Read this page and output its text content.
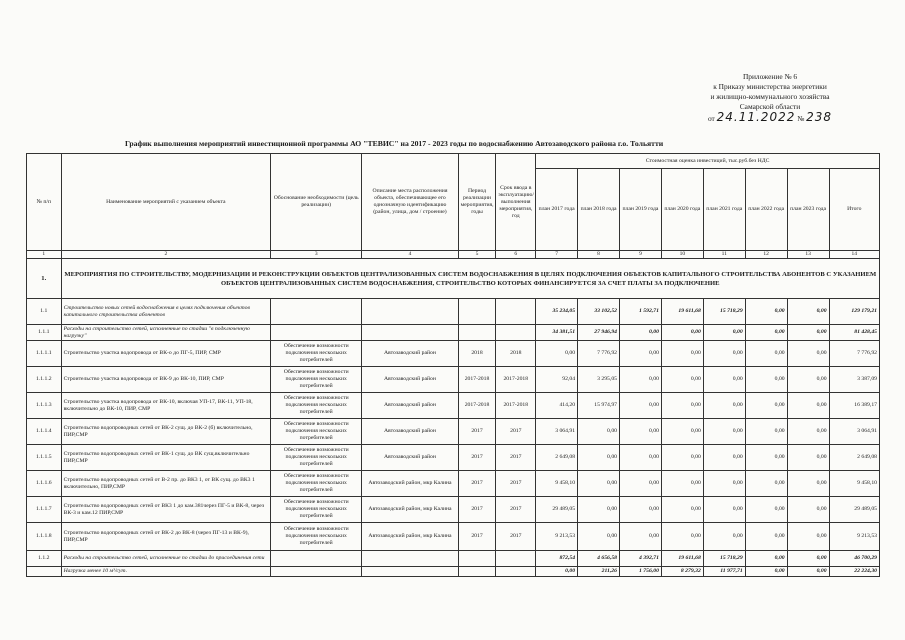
Приложение № 6
к Приказу министерства энергетики
и жилищно-коммунального хозяйства
Самарской области
от 24.11.2022 № 238
График выполнения мероприятий инвестиционной программы АО "ТЕВИС" на 2017 - 2023 годы по водоснабжению Автозаводского района г.о. Тольятти
№ п/п	Наименование мероприятий с указанием объекта	Обоснование необходимости (цель реализации)	Описание места расположения объекта, обеспечивающее его однозначную идентификацию (район, улица, дом / строение)	Период реализации мероприятия, годы	Срок ввода в эксплуатацию/ выполнения мероприятия, год	Стоимостная оценка инвестиций, тыс.руб.без НДС							
						план 2017 года	план 2018 года	план 2019 года	план 2020 года	план 2021 года	план 2022 года	план 2023 года	Итого
1	2	3	4	5	6	7	8	9	10	11	12	13	14
1.	МЕРОПРИЯТИЯ ПО СТРОИТЕЛЬСТВУ, МОДЕРНИЗАЦИИ И РЕКОНСТРУКЦИИ ОБЪЕКТОВ ЦЕНТРАЛИЗОВАННЫХ СИСТЕМ ВОДОСНАБЖЕНИЯ В ЦЕЛЯХ ПОДКЛЮЧЕНИЯ ОБЪЕКТОВ КАПИТАЛЬНОГО СТРОИТЕЛЬСТВА АБОНЕНТОВ С УКАЗАНИЕМ ОБЪЕКТОВ ЦЕНТРАЛИЗОВАННЫХ СИСТЕМ ВОДОСНАБЖЕНИЯ, СТРОИТЕЛЬСТВО КОТОРЫХ ФИНАНСИРУЕТСЯ ЗА СЧЕТ ПЛАТЫ ЗА ПОДКЛЮЧЕНИЕ												
1.1	Строительство новых сетей водоснабжения в целях подключения объектов капитального строительства абонентов					35 234,05	33 102,52	1 592,71	19 611,68	15 718,29	0,00	0,00	129 179,21
1.1.1	Расходы на строительство сетей, исполненные по стадии "в подключенную нагрузку"					34 381,51	27 946,94	0,00	0,00	0,00	0,00	0,00	81 428,45
1.1.1.1	Строительство участка водопровода от ВК-о до ПГ-5, ПИР, СМР	Обеспечение возможности подключения нескольких потребителей	Автозаводский район	2018	2018	0,00	7 776,92	0,00	0,00	0,00	0,00	0,00	7 776,92
1.1.1.2	Строительство участка водопровода от ВК-9 до ВК-10, ПИР, СМР	Обеспечение возможности подключения нескольких потребителей	Автозаводский район	2017-2018	2017-2018	92,04	3 295,05	0,00	0,00	0,00	0,00	0,00	3 387,09
1.1.1.3	Строительство участка водопровода от ВК-10, включая УП-17, ВК-11, УП-18, включительно до ВК-10, ПИР, СМР	Обеспечение возможности подключения нескольких потребителей	Автозаводский район	2017-2018	2017-2018	414,20	15 974,97	0,00	0,00	0,00	0,00	0,00	16 389,17
1.1.1.4	Строительство водопроводных сетей от ВК-2 сущ. до ВК-2 (б) включительно, ПИР,СМР	Обеспечение возможности подключения нескольких потребителей	Автозаводский район	2017	2017	3 064,91	0,00	0,00	0,00	0,00	0,00	0,00	3 064,91
1.1.1.5	Строительство водопроводных сетей от ВК-1 сущ. до ВК сущ.включительно ПИР,СМР	Обеспечение возможности подключения нескольких потребителей	Автозаводский район	2017	2017	2 649,08	0,00	0,00	0,00	0,00	0,00	0,00	2 649,08
1.1.1.6	Строительство водопроводных сетей от В-2 пр. до ВК3 1, от ВК сущ. до ВК3 1 включительно, ПИР,СМР	Обеспечение возможности подключения нескольких потребителей	Автозаводский район, мкр Калина	2017	2017	9 458,10	0,00	0,00	0,00	0,00	0,00	0,00	9 458,10
1.1.1.7	Строительство водопроводных сетей от ВК3 1 до кам.381через ПГ-5 и ВК-8, через ВК-3 и кам.12 ПИР,СМР	Обеспечение возможности подключения нескольких потребителей	Автозаводский район, мкр Калина	2017	2017	29 489,05	0,00	0,00	0,00	0,00	0,00	0,00	29 489,05
1.1.1.8	Строительство водопроводных сетей от ВК-2 до ВК-8 (через ПГ-13 и ВК-9), ПИР,СМР	Обеспечение возможности подключения нескольких потребителей	Автозаводский район, мкр Калина	2017	2017	9 213,53	0,00	0,00	0,00	0,00	0,00	0,00	9 213,53
1.1.2	Расходы на строительство сетей, исполненные по стадии до присоединения сети					872,54	4 656,58	4 392,71	19 611,68	15 718,29	0,00	0,00	46 700,29
	Нагрузка менее 10 м³/сут.					0,00	211,26	1 756,00	8 279,32	11 977,71	0,00	0,00	22 224,30
